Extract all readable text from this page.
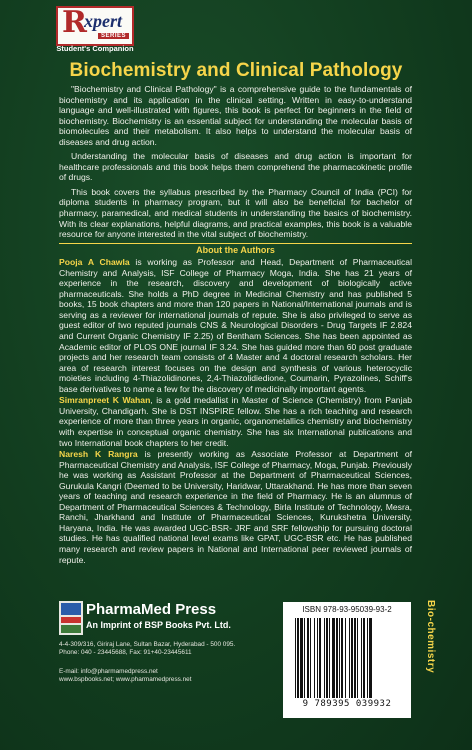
R
xpert
SERIES
Student's Companion
Biochemistry and Clinical Pathology

"Biochemistry and Clinical Pathology" is a comprehensive guide to the fundamentals of biochemistry and its application in the clinical setting. Written in easy-to-understand language and well-illustrated with figures, this book is perfect for beginners in the field of biochemistry. Biochemistry is an essential subject for understanding the molecular basis of biomolecules and their metabolism. It also helps to understand the molecular basis of diseases and drug action.

Understanding the molecular basis of diseases and drug action is important for healthcare professionals and this book helps them comprehend the pharmacokinetic profile of drugs.

This book covers the syllabus prescribed by the Pharmacy Council of India (PCI) for diploma students in pharmacy program, but it will also be beneficial for bachelor of pharmacy, paramedical, and medical students in understanding the basics of biochemistry. With its clear explanations, helpful diagrams, and practical examples, this book is a valuable resource for anyone interested in the vital subject of biochemistry.

About the Authors

Pooja A Chawla is working as Professor and Head, Department of Pharmaceutical Chemistry and Analysis, ISF College of Pharmacy Moga, India. She has 21 years of experience in the research, discovery and development of biologically active pharmaceuticals. She holds a PhD degree in Medicinal Chemistry and has published 5 books, 15 book chapters and more than 120 papers in National/International journals and is serving as a reviewer for international journals of repute. She is also privileged to serve as guest editor of two reputed journals CNS & Neurological Disorders - Drug Targets IF 2.824 and Current Organic Chemistry IF 2.25) of Bentham Sciences. She has been appointed as Academic editor of PLOS ONE journal IF 3.24. She has guided more than 60 post graduate projects and her research team consists of 4 Master and 4 doctoral research scholars. Her area of research interest focuses on the design and synthesis of various heterocyclic moieties including 4-Thiazolidinones, 2,4-Thiazolidiedione, Coumarin, Pyrazolines, Schiff's base derivatives to name a few for the discovery of medicinally important agents.

Simranpreet K Wahan, is a gold medallist in Master of Science (Chemistry) from Panjab University, Chandigarh. She is DST INSPIRE fellow. She has a rich teaching and research experience of more than three years in organic, organometallics chemistry and biochemistry with expertise in conceptual organic chemistry. She has six International publications and two International book chapters to her credit.

Naresh K Rangra is presently working as Associate Professor at Department of Pharmaceutical Chemistry and Analysis, ISF College of Pharmacy, Moga, Punjab. Previously he was working as Assistant Professor at the Department of Pharmaceutical Sciences, Gurukula Kangri (Deemed to be University, Haridwar, Uttarakhand. He has more than seven years of teaching and research experience in the field of Pharmacy. He is an alumnus of Department of Pharmaceutical Sciences & Technology, Birla Institute of Technology, Mesra, Ranchi, Jharkhand and Institute of Pharmaceutical Sciences, Kurukshetra University, Haryana, India. He was awarded UGC-BSR- JRF and SRF fellowship for pursuing doctoral studies. He has qualified national level exams like GPAT, UGC-BSR etc. He has published many research and review papers in National and International peer reviewed journals of repute.

PharmaMed Press
An Imprint of BSP Books Pvt. Ltd.
4-4-309/316, Giriraj Lane, Sultan Bazar, Hyderabad - 500 095.
Phone: 040 - 23445688, Fax: 91+40-23445611
E-mail: info@pharmamedpress.net
www.bspbooks.net; www.pharmamedpress.net
ISBN 978-93-95039-93-2
9 789395 039932
Bio-chemistry
